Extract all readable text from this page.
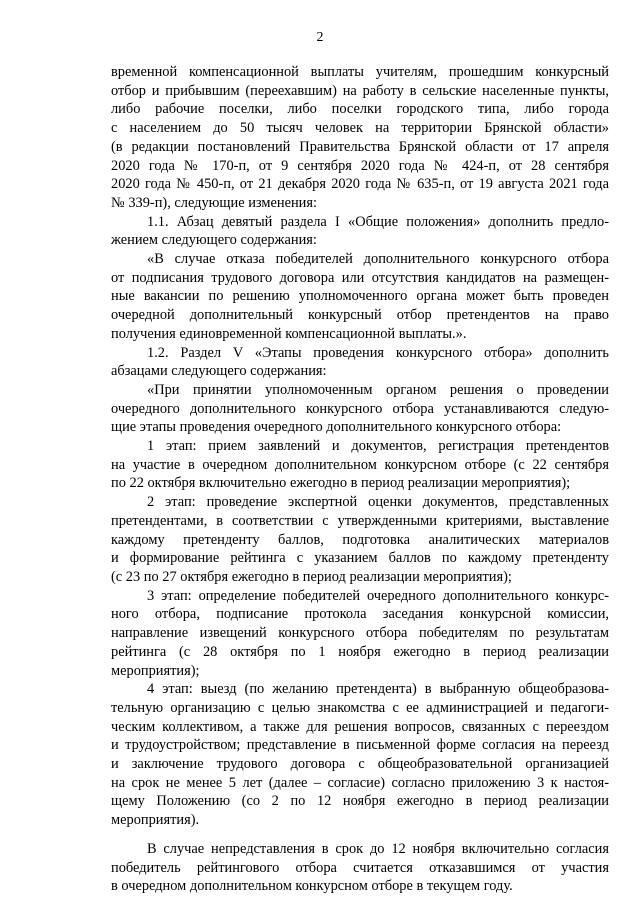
2
временной компенсационной выплаты учителям, прошедшим конкурсный
отбор и прибывшим (переехавшим) на работу в сельские населенные пункты,
либо рабочие поселки, либо поселки городского типа, либо города
с населением до 50 тысяч человек на территории Брянской области»
(в редакции постановлений Правительства Брянской области от 17 апреля
2020 года № 170-п, от 9 сентября 2020 года № 424-п, от 28 сентября
2020 года № 450-п, от 21 декабря 2020 года № 635-п, от 19 августа 2021 года
№ 339-п), следующие изменения:
1.1. Абзац девятый раздела I «Общие положения» дополнить предло-
жением следующего содержания:
«В случае отказа победителей дополнительного конкурсного отбора
от подписания трудового договора или отсутствия кандидатов на размещен-
ные вакансии по решению уполномоченного органа может быть проведен
очередной дополнительный конкурсный отбор претендентов на право
получения единовременной компенсационной выплаты.».
1.2. Раздел V «Этапы проведения конкурсного отбора» дополнить
абзацами следующего содержания:
«При принятии уполномоченным органом решения о проведении
очередного дополнительного конкурсного отбора устанавливаются следую-
щие этапы проведения очередного дополнительного конкурсного отбора:
1 этап: прием заявлений и документов, регистрация претендентов
на участие в очередном дополнительном конкурсном отборе (с 22 сентября
по 22 октября включительно ежегодно в период реализации мероприятия);
2 этап: проведение экспертной оценки документов, представленных
претендентами, в соответствии с утвержденными критериями, выставление
каждому претенденту баллов, подготовка аналитических материалов
и формирование рейтинга с указанием баллов по каждому претенденту
(с 23 по 27 октября ежегодно в период реализации мероприятия);
3 этап: определение победителей очередного дополнительного конкурс-
ного отбора, подписание протокола заседания конкурсной комиссии,
направление извещений конкурсного отбора победителям по результатам
рейтинга (с 28 октября по 1 ноября ежегодно в период реализации
мероприятия);
4 этап: выезд (по желанию претендента) в выбранную общеобразова-
тельную организацию с целью знакомства с ее администрацией и педагоги-
ческим коллективом, а также для решения вопросов, связанных с переездом
и трудоустройством; представление в письменной форме согласия на переезд
и заключение трудового договора с общеобразовательной организацией
на срок не менее 5 лет (далее – согласие) согласно приложению 3 к настоя-
щему Положению (со 2 по 12 ноября ежегодно в период реализации
мероприятия).
В случае непредставления в срок до 12 ноября включительно согласия
победитель рейтингового отбора считается отказавшимся от участия
в очередном дополнительном конкурсном отборе в текущем году.
